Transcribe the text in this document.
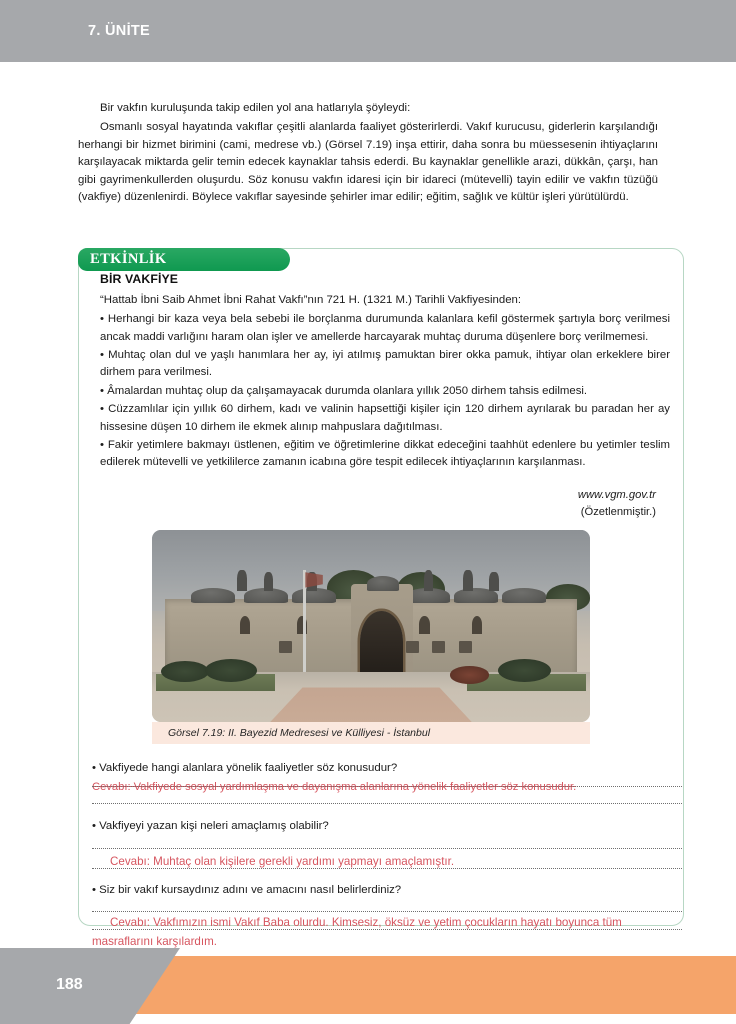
7. ÜNİTE

Bir vakfın kuruluşunda takip edilen yol ana hatlarıyla şöyleydi:

Osmanlı sosyal hayatında vakıflar çeşitli alanlarda faaliyet gösterirlerdi. Vakıf kurucusu, giderlerin karşılandığı herhangi bir hizmet birimini (cami, medrese vb.) (Görsel 7.19) inşa ettirir, daha sonra bu müessesenin ihtiyaçlarını karşılayacak miktarda gelir temin edecek kaynaklar tahsis ederdi. Bu kaynaklar genellikle arazi, dükkân, çarşı, han gibi gayrimenkullerden oluşurdu. Söz konusu vakfın idaresi için bir idareci (mütevelli) tayin edilir ve vakfın tüzüğü (vakfiye) düzenlenirdi. Böylece vakıflar sayesinde şehirler imar edilir; eğitim, sağlık ve kültür işleri yürütülürdü.

ETKİNLİK
BİR VAKFİYE

“Hattab İbni Saib Ahmet İbni Rahat Vakfı”nın 721 H. (1321 M.) Tarihli Vakfiyesinden:

• Herhangi bir kaza veya bela sebebi ile borçlanma durumunda kalanlara kefil göstermek şartıyla borç verilmesi ancak maddi varlığını haram olan işler ve amellerde harcayarak muhtaç duruma düşenlere borç verilmemesi.

• Muhtaç olan dul ve yaşlı hanımlara her ay, iyi atılmış pamuktan birer okka pamuk, ihtiyar olan erkeklere birer dirhem para verilmesi.

• Âmalardan muhtaç olup da çalışamayacak durumda olanlara yıllık 2050 dirhem tahsis edilmesi.

• Cüzzamlılar için yıllık 60 dirhem, kadı ve valinin hapsettiği kişiler için 120 dirhem ayrılarak bu paradan her ay hissesine düşen 10 dirhem ile ekmek alınıp mahpuslara dağıtılması.

• Fakir yetimlere bakmayı üstlenen, eğitim ve öğretimlerine dikkat edeceğini taahhüt edenlere bu yetimler teslim edilerek mütevelli ve yetkililerce zamanın icabına göre tespit edilecek ihtiyaçlarının karşılanması.

www.vgm.gov.tr
(Özetlenmiştir.)
Görsel 7.19: II. Bayezid Medresesi ve Külliyesi - İstanbul
• Vakfiyede hangi alanlara yönelik faaliyetler söz konusudur?
Cevabı: Vakfiyede sosyal yardımlaşma ve dayanışma alanlarına yönelik faaliyetler söz konusudur.
• Vakfiyeyi yazan kişi neleri amaçlamış olabilir?
Cevabı: Muhtaç olan kişilere gerekli yardımı yapmayı amaçlamıştır.
• Siz bir vakıf kursaydınız adını ve amacını nasıl belirlerdiniz?
Cevabı: Vakfımızın ismi Vakıf Baba olurdu. Kimsesiz, öksüz ve yetim çocukların hayatı boyunca tüm
masraflarını karşılardım.
188
